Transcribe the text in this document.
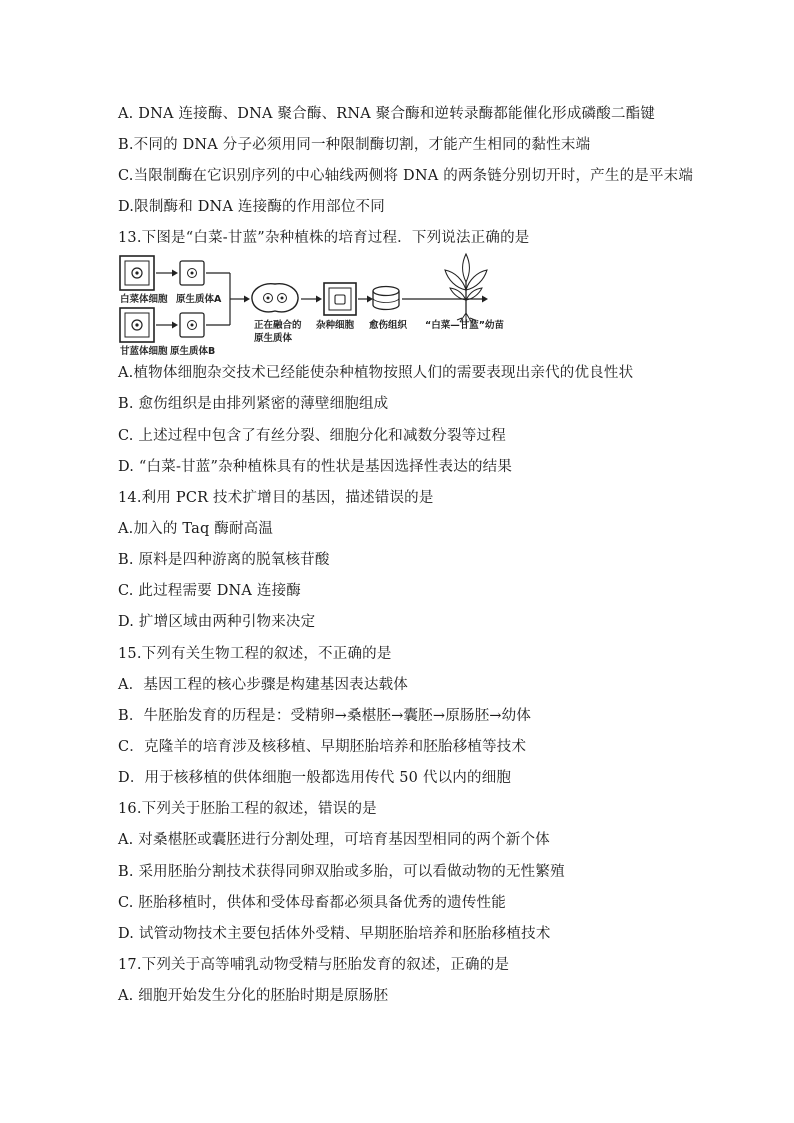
A. DNA 连接酶、DNA 聚合酶、RNA 聚合酶和逆转录酶都能催化形成磷酸二酯键
B.不同的 DNA 分子必须用同一种限制酶切割，才能产生相同的黏性末端
C.当限制酶在它识别序列的中心轴线两侧将 DNA 的两条链分别切开时，产生的是平末端
D.限制酶和 DNA 连接酶的作用部位不同
13.下图是“白菜-甘蓝”杂种植株的培育过程．下列说法正确的是
白菜体细胞 原生质体A
甘蓝体细胞 原生质体B
正在融合的
原生质体
杂种细胞 愈伤组织 “白菜—甘蓝”幼苗
A.植物体细胞杂交技术已经能使杂种植物按照人们的需要表现出亲代的优良性状
B. 愈伤组织是由排列紧密的薄壁细胞组成
C. 上述过程中包含了有丝分裂、细胞分化和减数分裂等过程
D. “白菜-甘蓝”杂种植株具有的性状是基因选择性表达的结果
14.利用 PCR 技术扩增目的基因，描述错误的是
A.加入的 Taq 酶耐高温
B. 原料是四种游离的脱氧核苷酸
C. 此过程需要 DNA 连接酶
D. 扩增区域由两种引物来决定
15.下列有关生物工程的叙述，不正确的是
A．基因工程的核心步骤是构建基因表达载体
B．牛胚胎发育的历程是：受精卵→桑椹胚→囊胚→原肠胚→幼体
C．克隆羊的培育涉及核移植、早期胚胎培养和胚胎移植等技术
D．用于核移植的供体细胞一般都选用传代 50 代以内的细胞
16.下列关于胚胎工程的叙述，错误的是
A. 对桑椹胚或囊胚进行分割处理，可培育基因型相同的两个新个体
B. 采用胚胎分割技术获得同卵双胎或多胎，可以看做动物的无性繁殖
C. 胚胎移植时，供体和受体母畜都必须具备优秀的遗传性能
D. 试管动物技术主要包括体外受精、早期胚胎培养和胚胎移植技术
17.下列关于高等哺乳动物受精与胚胎发育的叙述，正确的是
A. 细胞开始发生分化的胚胎时期是原肠胚
